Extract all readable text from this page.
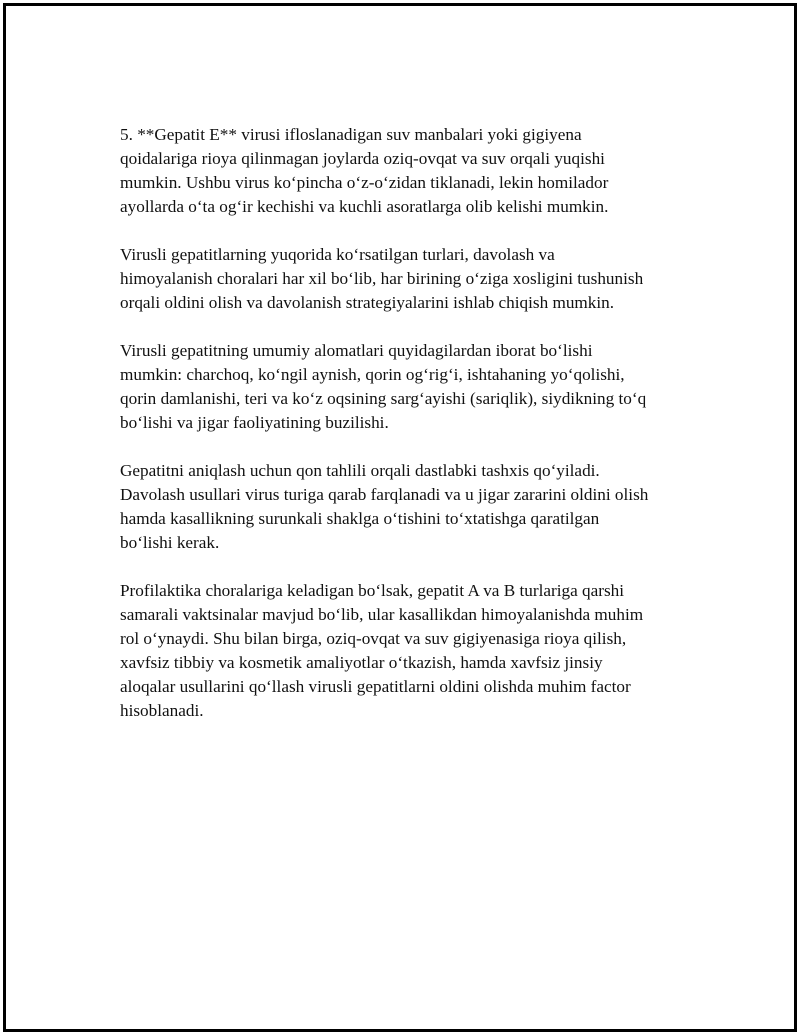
5. **Gepatit E** virusi ifloslanadigan suv manbalari yoki gigiyena
qoidalariga rioya qilinmagan joylarda oziq-ovqat va suv orqali yuqishi
mumkin. Ushbu virus ko‘pincha o‘z-o‘zidan tiklanadi, lekin homilador
ayollarda o‘ta og‘ir kechishi va kuchli asoratlarga olib kelishi mumkin.

Virusli gepatitlarning yuqorida ko‘rsatilgan turlari, davolash va
himoyalanish choralari har xil bo‘lib, har birining o‘ziga xosligini tushunish
orqali oldini olish va davolanish strategiyalarini ishlab chiqish mumkin.

Virusli gepatitning umumiy alomatlari quyidagilardan iborat bo‘lishi
mumkin: charchoq, ko‘ngil aynish, qorin og‘rig‘i, ishtahaning yo‘qolishi,
qorin damlanishi, teri va ko‘z oqsining sarg‘ayishi (sariqlik), siydikning to‘q
bo‘lishi va jigar faoliyatining buzilishi.

Gepatitni aniqlash uchun qon tahlili orqali dastlabki tashxis qo‘yiladi.
Davolash usullari virus turiga qarab farqlanadi va u jigar zararini oldini olish
hamda kasallikning surunkali shaklga o‘tishini to‘xtatishga qaratilgan
bo‘lishi kerak.

Profilaktika choralariga keladigan bo‘lsak, gepatit A va B turlariga qarshi
samarali vaktsinalar mavjud bo‘lib, ular kasallikdan himoyalanishda muhim
rol o‘ynaydi. Shu bilan birga, oziq-ovqat va suv gigiyenasiga rioya qilish,
xavfsiz tibbiy va kosmetik amaliyotlar o‘tkazish, hamda xavfsiz jinsiy
aloqalar usullarini qo‘llash virusli gepatitlarni oldini olishda muhim factor
hisoblanadi.
